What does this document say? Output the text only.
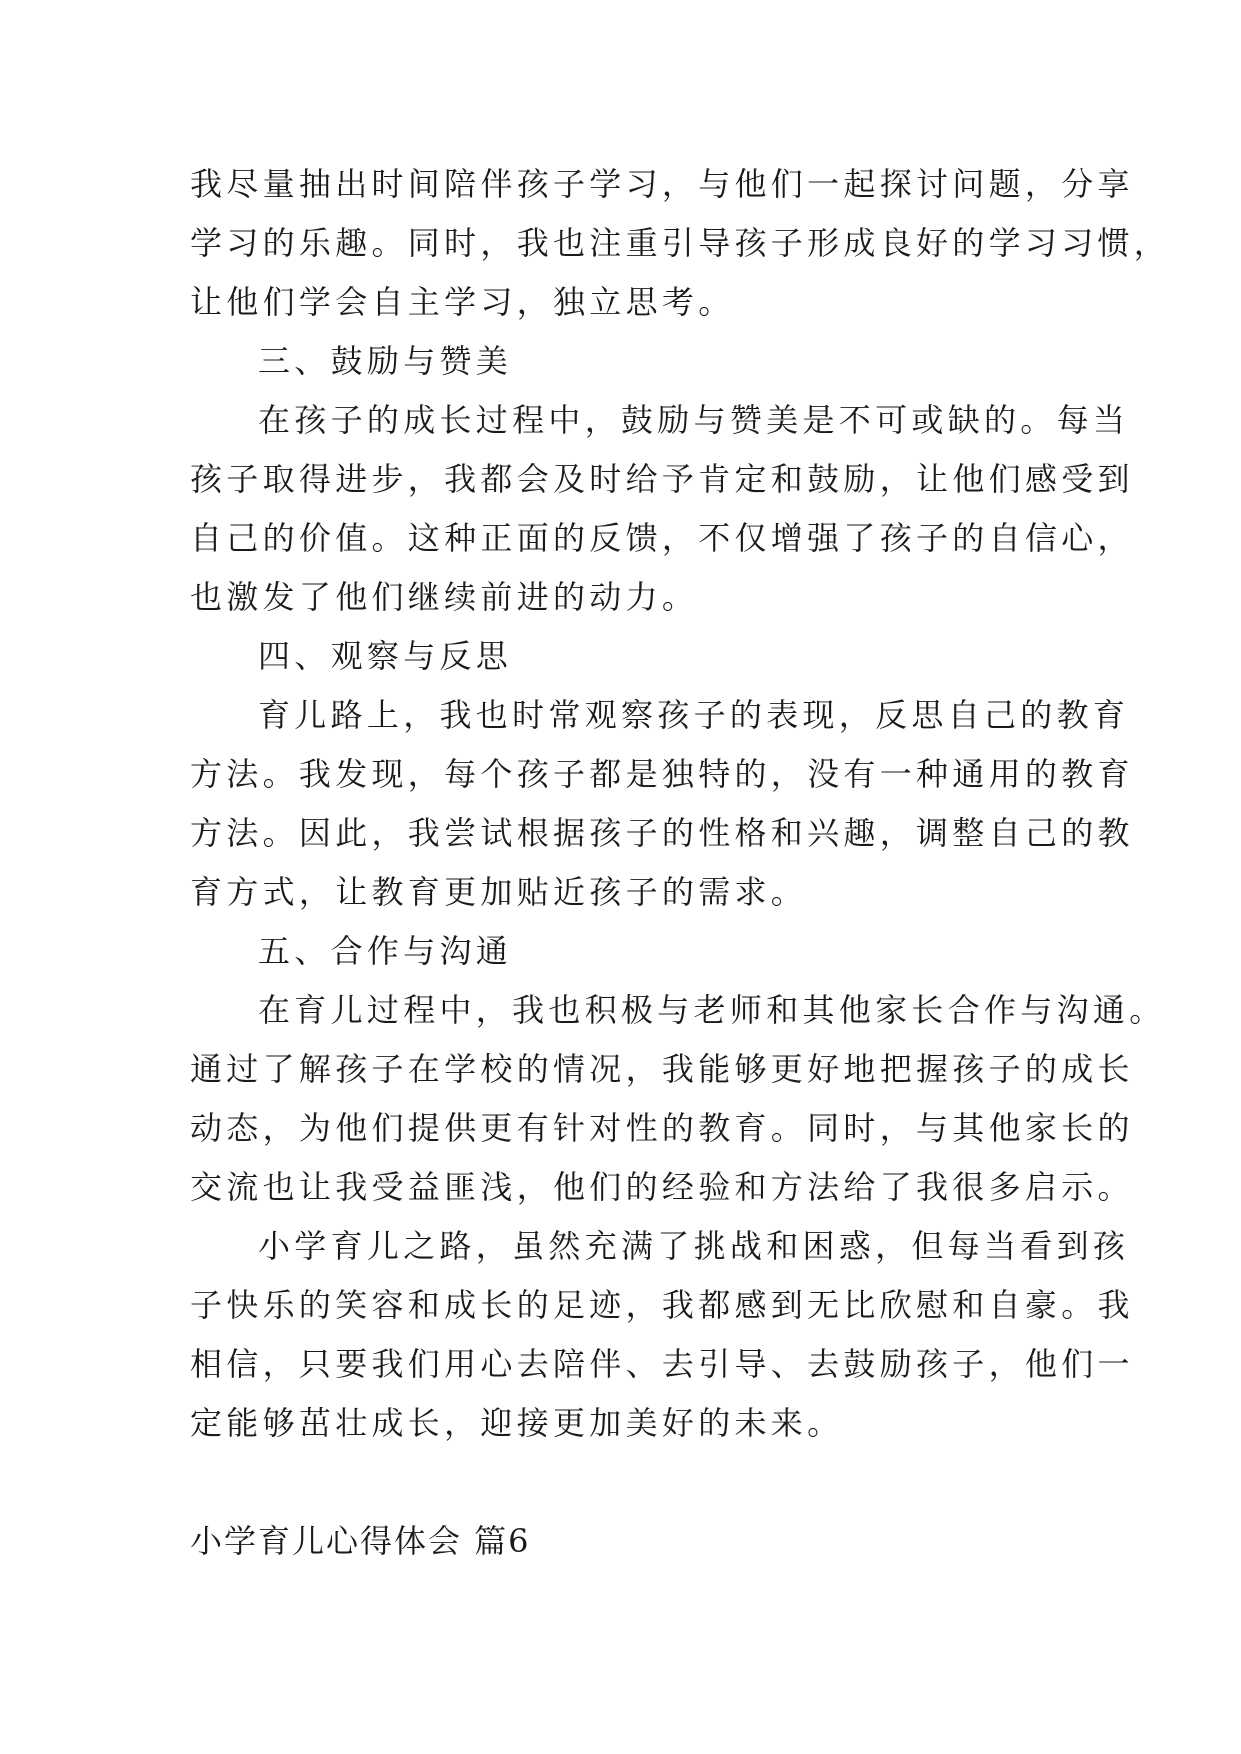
我尽量抽出时间陪伴孩子学习，与他们一起探讨问题，分享
学习的乐趣。同时，我也注重引导孩子形成良好的学习习惯，
让他们学会自主学习，独立思考。
三、鼓励与赞美
在孩子的成长过程中，鼓励与赞美是不可或缺的。每当
孩子取得进步，我都会及时给予肯定和鼓励，让他们感受到
自己的价值。这种正面的反馈，不仅增强了孩子的自信心，
也激发了他们继续前进的动力。
四、观察与反思
育儿路上，我也时常观察孩子的表现，反思自己的教育
方法。我发现，每个孩子都是独特的，没有一种通用的教育
方法。因此，我尝试根据孩子的性格和兴趣，调整自己的教
育方式，让教育更加贴近孩子的需求。
五、合作与沟通
在育儿过程中，我也积极与老师和其他家长合作与沟通。
通过了解孩子在学校的情况，我能够更好地把握孩子的成长
动态，为他们提供更有针对性的教育。同时，与其他家长的
交流也让我受益匪浅，他们的经验和方法给了我很多启示。
小学育儿之路，虽然充满了挑战和困惑，但每当看到孩
子快乐的笑容和成长的足迹，我都感到无比欣慰和自豪。我
相信，只要我们用心去陪伴、去引导、去鼓励孩子，他们一
定能够茁壮成长，迎接更加美好的未来。
小学育儿心得体会 篇6
